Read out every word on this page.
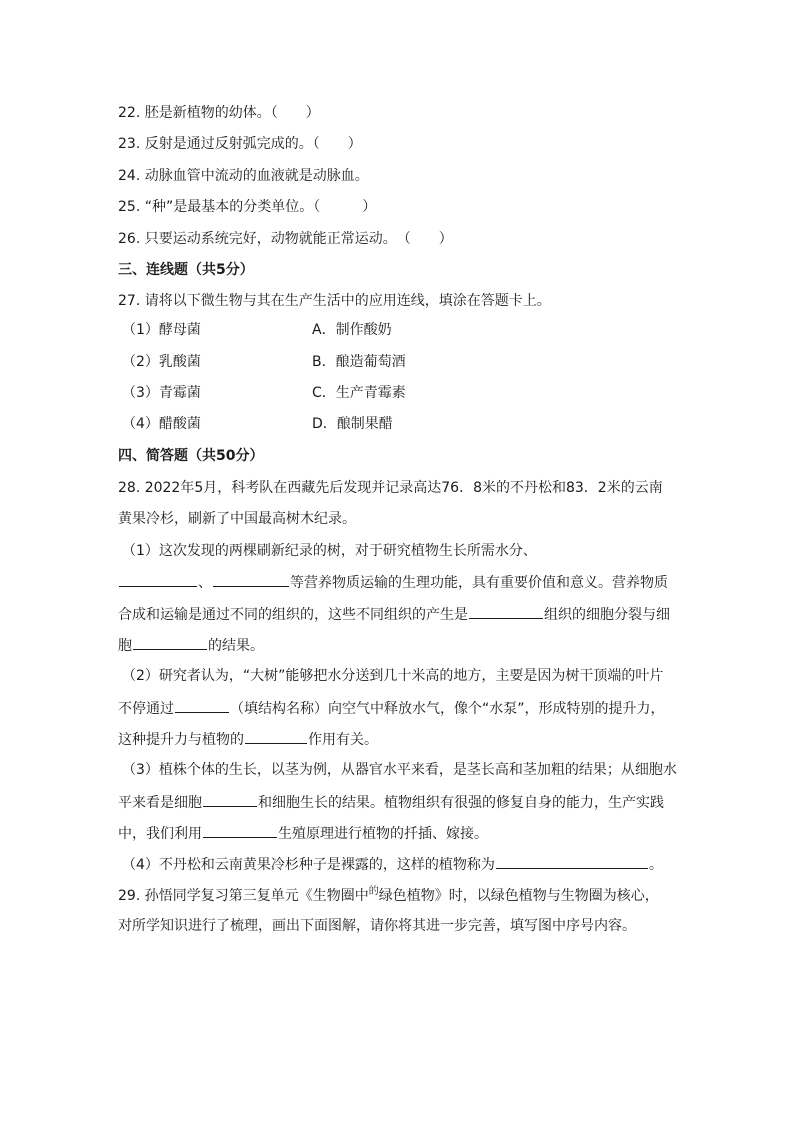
22. 胚是新植物的幼体。（　　）
23. 反射是通过反射弧完成的。（　　）
24. 动脉血管中流动的血液就是动脉血。
25. “种”是最基本的分类单位。（　　　）
26. 只要运动系统完好，动物就能正常运动。　（　　）
三、连线题（共5分）
27. 请将以下微生物与其在生产生活中的应用连线，填涂在答题卡上。
（1）酵母菌	A．制作酸奶
（2）乳酸菌	B．酿造葡萄酒
（3）青霉菌	C．生产青霉素
（4）醋酸菌	D．酿制果醋
四、简答题（共50分）
28. 2022年5月，科考队在西藏先后发现并记录高达76．8米的不丹松和83．2米的云南
黄果冷杉，刷新了中国最高树木纪录。
（1）这次发现的两棵刷新纪录的树，对于研究植物生长所需水分、
、	等营养物质运输的生理功能，具有重要价值和意义。营养物质
合成和运输是通过不同的组织的，这些不同组织的产生是	组织的细胞分裂与细
胞	的结果。
（2）研究者认为，“大树”能够把水分送到几十米高的地方，主要是因为树干顶端的叶片
不停通过	（填结构名称）向空气中释放水气，像个“水泵”，形成特别的提升力，
这种提升力与植物的	作用有关。
（3）植株个体的生长，以茎为例，从器官水平来看，是茎长高和茎加粗的结果；从细胞水
平来看是细胞	和细胞生长的结果。植物组织有很强的修复自身的能力，生产实践
中，我们利用	生殖原理进行植物的扦插、嫁接。
（4）不丹松和云南黄果冷杉种子是裸露的，这样的植物称为	。
29. 孙悟同学复习第三复单元《生物圈中$^的$绿色植物》时，以绿色植物与生物圈为核心，
对所学知识进行了梳理，画出下面图解，请你将其进一步完善，填写图中序号内容。
